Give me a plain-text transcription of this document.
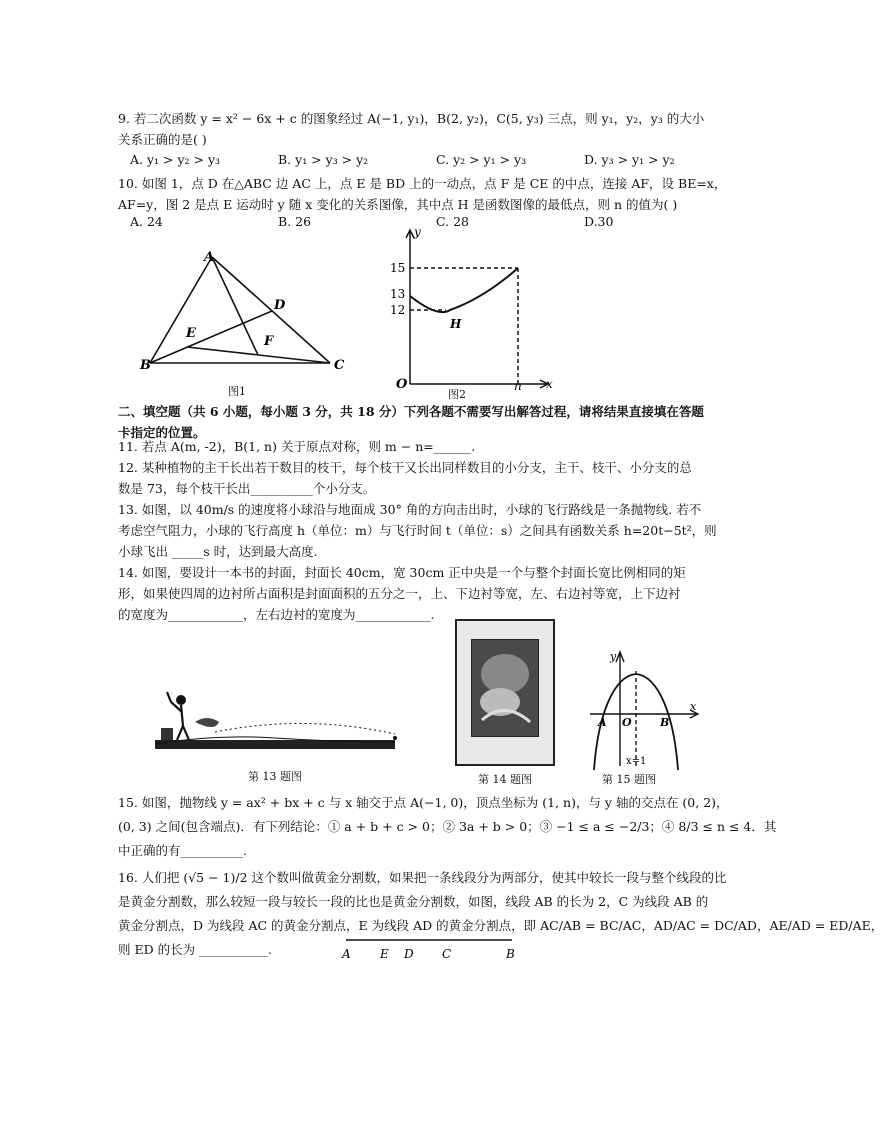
9. 若二次函数 y = x² − 6x + c 的图象经过 A(−1, y₁)，B(2, y₂)，C(5, y₃) 三点，则 y₁，y₂，y₃ 的大小
关系正确的是( )
A. y₁ > y₂ > y₃	B. y₁ > y₃ > y₂	C. y₂ > y₁ > y₃	D. y₃ > y₁ > y₂
10. 如图 1，点 D 在△ABC 边 AC 上，点 E 是 BD 上的一动点，点 F 是 CE 的中点，连接 AF，设 BE=x，
AF=y，图 2 是点 E 运动时 y 随 x 变化的关系图像，其中点 H 是函数图像的最低点，则 n 的值为( )
A. 24	B. 26	C. 28	D.30
A
B	C
D
E
F
图1
y
x
O	n
H
15
13
12
图2
二、填空题（共 6 小题，每小题 3 分，共 18 分）下列各题不需要写出解答过程，请将结果直接填在答题
卡指定的位置。
11. 若点 A(m, -2)，B(1, n) 关于原点对称，则 m − n=______.
12. 某种植物的主干长出若干数目的枝干，每个枝干又长出同样数目的小分支，主干、枝干、小分支的总
数是 73，每个枝干长出__________个小分支。
13. 如图，以 40m/s 的速度将小球沿与地面成 30° 角的方向击出时，小球的飞行路线是一条抛物线. 若不
考虑空气阻力，小球的飞行高度 h（单位：m）与飞行时间 t（单位：s）之间具有函数关系 h=20t−5t²，则
小球飞出 _____s 时，达到最大高度.
14. 如图，要设计一本书的封面，封面长 40cm，宽 30cm 正中央是一个与整个封面长宽比例相同的矩
形，如果使四周的边衬所占面积是封面面积的五分之一，上、下边衬等宽，左、右边衬等宽，上下边衬
的宽度为____________，左右边衬的宽度为____________.
第 13 题图	第 14 题图
y
x
A O	B
x=1
第 15 题图
15. 如图，抛物线 y = ax² + bx + c 与 x 轴交于点 A(−1, 0)，顶点坐标为 (1, n)，与 y 轴的交点在 (0, 2)，
(0, 3) 之间(包含端点)．有下列结论：① a + b + c > 0；② 3a + b > 0；③ −1 ≤ a ≤ −2/3；④ 8/3 ≤ n ≤ 4．其
中正确的有__________.
16. 人们把 (√5 − 1)/2 这个数叫做黄金分割数，如果把一条线段分为两部分，使其中较长一段与整个线段的比
是黄金分割数，那么较短一段与较长一段的比也是黄金分割数，如图，线段 AB 的长为 2，C 为线段 AB 的
黄金分割点，D 为线段 AC 的黄金分割点，E 为线段 AD 的黄金分割点，即 AC/AB = BC/AC，AD/AC = DC/AD，AE/AD = ED/AE，
则 ED 的长为 ___________.	A E D C	B
